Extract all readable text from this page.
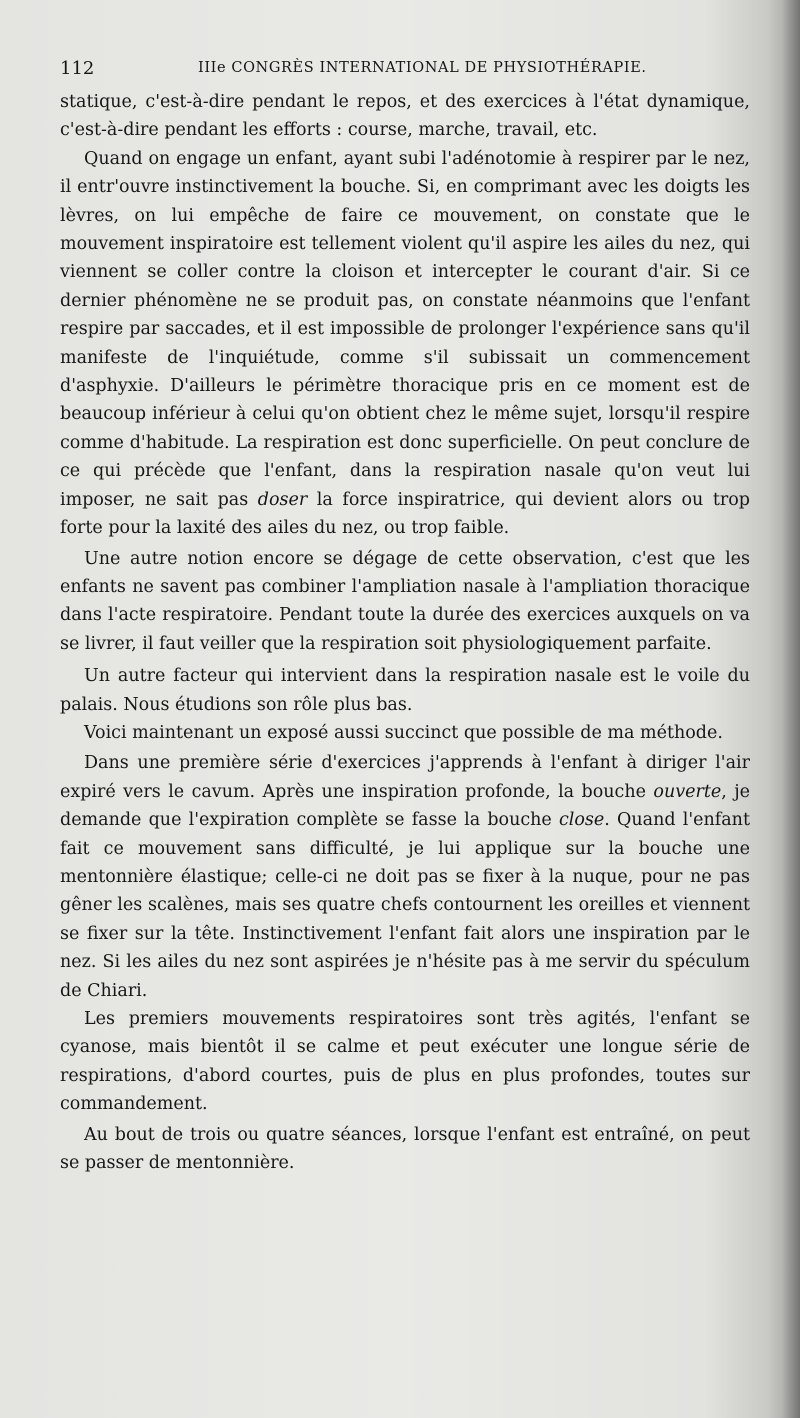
112	IIIe CONGRÈS INTERNATIONAL DE PHYSIOTHÉRAPIE.

statique, c'est-à-dire pendant le repos, et des exercices à l'état dynamique, c'est-à-dire pendant les efforts : course, marche, travail, etc.

Quand on engage un enfant, ayant subi l'adénotomie à respirer par le nez, il entr'ouvre instinctivement la bouche. Si, en comprimant avec les doigts les lèvres, on lui empêche de faire ce mouvement, on constate que le mouvement inspiratoire est tellement violent qu'il aspire les ailes du nez, qui viennent se coller contre la cloison et intercepter le courant d'air. Si ce dernier phénomène ne se produit pas, on constate néanmoins que l'enfant respire par saccades, et il est impossible de prolonger l'expérience sans qu'il manifeste de l'inquiétude, comme s'il subissait un commencement d'asphyxie. D'ailleurs le périmètre thoracique pris en ce moment est de beaucoup inférieur à celui qu'on obtient chez le même sujet, lorsqu'il respire comme d'habitude. La respiration est donc superficielle. On peut conclure de ce qui précède que l'enfant, dans la respiration nasale qu'on veut lui imposer, ne sait pas doser la force inspiratrice, qui devient alors ou trop forte pour la laxité des ailes du nez, ou trop faible.

Une autre notion encore se dégage de cette observation, c'est que les enfants ne savent pas combiner l'ampliation nasale à l'ampliation thoracique dans l'acte respiratoire. Pendant toute la durée des exercices auxquels on va se livrer, il faut veiller que la respiration soit physiologiquement parfaite.

Un autre facteur qui intervient dans la respiration nasale est le voile du palais. Nous étudions son rôle plus bas.

Voici maintenant un exposé aussi succinct que possible de ma méthode.

Dans une première série d'exercices j'apprends à l'enfant à diriger l'air expiré vers le cavum. Après une inspiration profonde, la bouche ouverte, je demande que l'expiration complète se fasse la bouche close. Quand l'enfant fait ce mouvement sans difficulté, je lui applique sur la bouche une mentonnière élastique; celle-ci ne doit pas se fixer à la nuque, pour ne pas gêner les scalènes, mais ses quatre chefs contournent les oreilles et viennent se fixer sur la tête. Instinctivement l'enfant fait alors une inspiration par le nez. Si les ailes du nez sont aspirées je n'hésite pas à me servir du spéculum de Chiari.

Les premiers mouvements respiratoires sont très agités, l'enfant se cyanose, mais bientôt il se calme et peut exécuter une longue série de respirations, d'abord courtes, puis de plus en plus profondes, toutes sur commandement.

Au bout de trois ou quatre séances, lorsque l'enfant est entraîné, on peut se passer de mentonnière.
